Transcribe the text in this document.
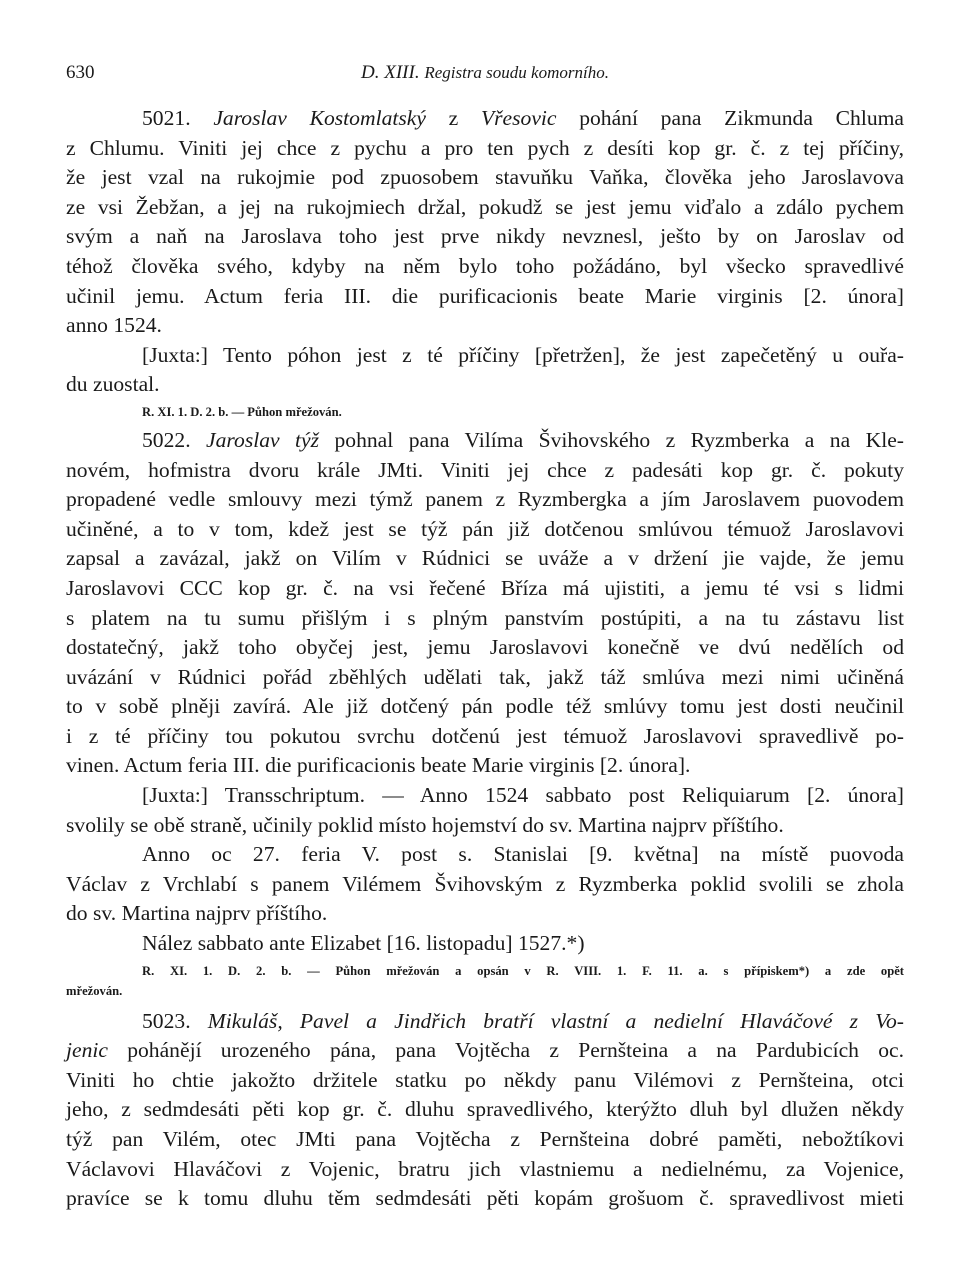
630	D. XIII. Registra soudu komorního.
5021. Jaroslav Kostomlatský z Vřesovic pohání pana Zikmunda Chluma
z Chlumu. Viniti jej chce z pychu a pro ten pych z desíti kop gr. č. z tej příčiny,
že jest vzal na rukojmie pod zpuosobem stavuňku Vaňka, člověka jeho Jaroslavova
ze vsi Žebžan, a jej na rukojmiech držal, pokudž se jest jemu viďalo a zdálo pychem
svým a naň na Jaroslava toho jest prve nikdy nevznesl, ješto by on Jaroslav od
téhož člověka svého, kdyby na něm bylo toho požádáno, byl všecko spravedlivé
učinil jemu. Actum feria III. die purificacionis beate Marie virginis [2. února]
anno 1524.
[Juxta:] Tento póhon jest z té příčiny [přetržen], že jest zapečetěný u ouřa-
du zuostal.
R. XI. 1. D. 2. b. — Půhon mřežován.
5022. Jaroslav týž pohnal pana Vilíma Švihovského z Ryzmberka a na Kle-
novém, hofmistra dvoru krále JMti. Viniti jej chce z padesáti kop gr. č. pokuty
propadené vedle smlouvy mezi týmž panem z Ryzmbergka a jím Jaroslavem puovodem
učiněné, a to v tom, kdež jest se týž pán již dotčenou smlúvou témuož Jaroslavovi
zapsal a zavázal, jakž on Vilím v Rúdnici se uváže a v držení jie vajde, že jemu
Jaroslavovi CCC kop gr. č. na vsi řečené Bříza má ujistiti, a jemu té vsi s lidmi
s platem na tu sumu přišlým i s plným panstvím postúpiti, a na tu zástavu list
dostatečný, jakž toho obyčej jest, jemu Jaroslavovi konečně ve dvú nedělích od
uvázání v Rúdnici pořád zběhlých udělati tak, jakž táž smlúva mezi nimi učiněná
to v sobě plněji zavírá. Ale již dotčený pán podle též smlúvy tomu jest dosti neučinil
i z té příčiny tou pokutou svrchu dotčenú jest témuož Jaroslavovi spravedlivě po-
vinen. Actum feria III. die purificacionis beate Marie virginis [2. února].
[Juxta:] Transschriptum. — Anno 1524 sabbato post Reliquiarum [2. února]
svolily se obě straně, učinily poklid místo hojemství do sv. Martina najprv příštího.
Anno oc 27. feria V. post s. Stanislai [9. května] na místě puovoda
Václav z Vrchlabí s panem Vilémem Švihovským z Ryzmberka poklid svolili se zhola
do sv. Martina najprv příštího.
Nález sabbato ante Elizabet [16. listopadu] 1527.*)
R. XI. 1. D. 2. b. — Půhon mřežován a opsán v R. VIII. 1. F. 11. a. s přípiskem*) a zde opět
mřežován.
5023. Mikuláš, Pavel a Jindřich bratří vlastní a nedielní Hlaváčové z Vo-
jenic pohánějí urozeného pána, pana Vojtěcha z Pernšteina a na Pardubicích oc.
Viniti ho chtie jakožto držitele statku po někdy panu Vilémovi z Pernšteina, otci
jeho, z sedmdesáti pěti kop gr. č. dluhu spravedlivého, kterýžto dluh byl dlužen někdy
týž pan Vilém, otec JMti pana Vojtěcha z Pernšteina dobré paměti, nebožtíkovi
Václavovi Hlaváčovi z Vojenic, bratru jich vlastniemu a nedielnému, za Vojenice,
pravíce se k tomu dluhu těm sedmdesáti pěti kopám grošuom č. spravedlivost mieti
